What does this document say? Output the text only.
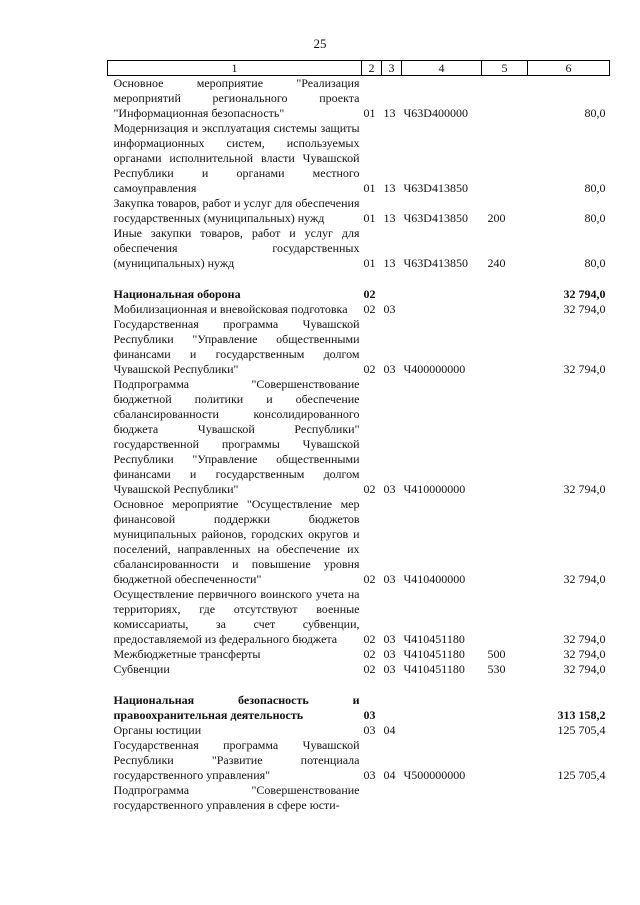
25
1	2	3	4	5	6
Основное мероприятие "Реализация мероприятий регионального проекта "Информационная безопасность"	01	13	Ч63D400000		80,0
Модернизация и эксплуатация системы защиты информационных систем, используемых органами исполнительной власти Чувашской Республики и органами местного самоуправления	01	13	Ч63D413850		80,0
Закупка товаров, работ и услуг для обеспечения государственных (муниципальных) нужд	01	13	Ч63D413850	200	80,0
Иные закупки товаров, работ и услуг для обеспечения государственных (муниципальных) нужд	01	13	Ч63D413850	240	80,0

Национальная оборона	02				32 794,0
Мобилизационная и вневойсковая подготовка	02	03			32 794,0
Государственная программа Чувашской Республики "Управление общественными финансами и государственным долгом Чувашской Республики"	02	03	Ч400000000		32 794,0
Подпрограмма "Совершенствование бюджетной политики и обеспечение сбалансированности консолидированного бюджета Чувашской Республики" государственной программы Чувашской Республики "Управление общественными финансами и государственным долгом Чувашской Республики"	02	03	Ч410000000		32 794,0
Основное мероприятие "Осуществление мер финансовой поддержки бюджетов муниципальных районов, городских округов и поселений, направленных на обеспечение их сбалансированности и повышение уровня бюджетной обеспеченности"	02	03	Ч410400000		32 794,0
Осуществление первичного воинского учета на территориях, где отсутствуют военные комиссариаты, за счет субвенции, предоставляемой из федерального бюджета	02	03	Ч410451180		32 794,0
Межбюджетные трансферты	02	03	Ч410451180	500	32 794,0
Субвенции	02	03	Ч410451180	530	32 794,0

Национальная безопасность и правоохранительная деятельность	03				313 158,2
Органы юстиции	03	04			125 705,4
Государственная программа Чувашской Республики "Развитие потенциала государственного управления"	03	04	Ч500000000		125 705,4
Подпрограмма "Совершенствование государственного управления в сфере юсти-					
